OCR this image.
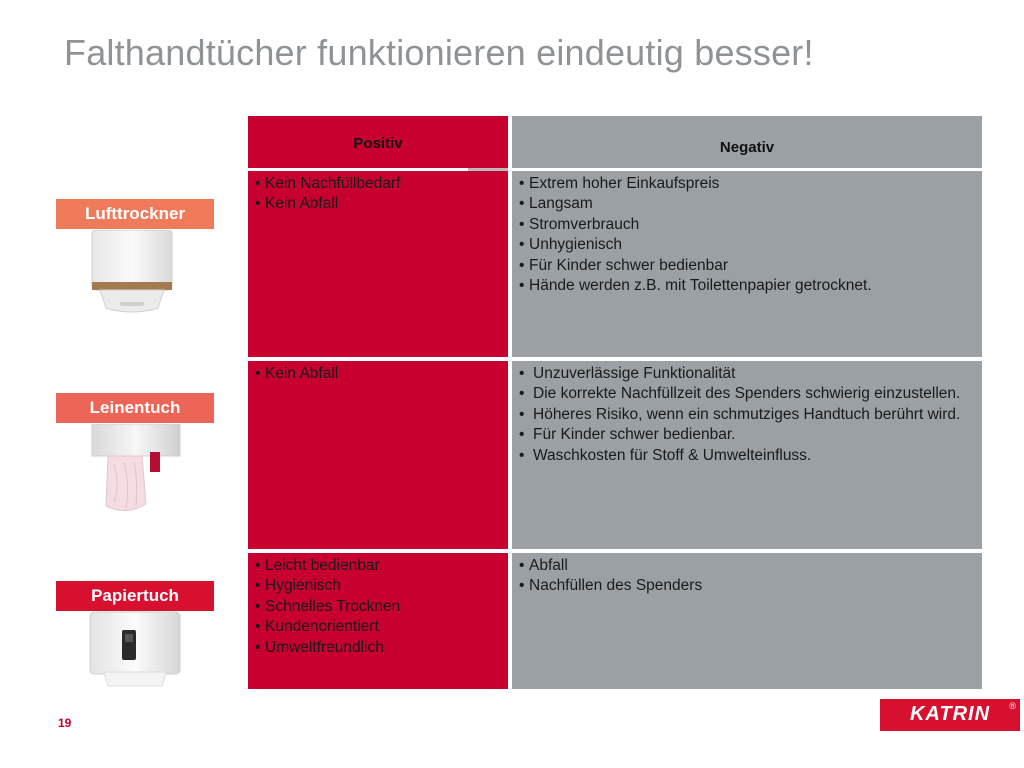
Falthandtücher funktionieren eindeutig besser!
Positiv	Negativ
• Kein Nachfüllbedarf
• Kein Abfall
• Extrem hoher Einkaufspreis
• Langsam
• Stromverbrauch
• Unhygienisch
• Für Kinder schwer bedienbar
• Hände werden z.B. mit Toilettenpapier getrocknet.
• Kein Abfall
•	Unzuverlässige Funktionalität
• Die korrekte Nachfüllzeit des Spenders schwierig einzustellen.
• Höheres Risiko, wenn ein schmutziges Handtuch berührt wird.
• Für Kinder schwer bedienbar.
• Waschkosten für Stoff & Umwelteinfluss.
• Leicht bedienbar
• Hygienisch
• Schnelles Trocknen
• Kundenorientiert
• Umweltfreundlich
• Abfall
• Nachfüllen des Spenders
Lufttrockner
Leinentuch
Papiertuch
19	KATRIN	®
